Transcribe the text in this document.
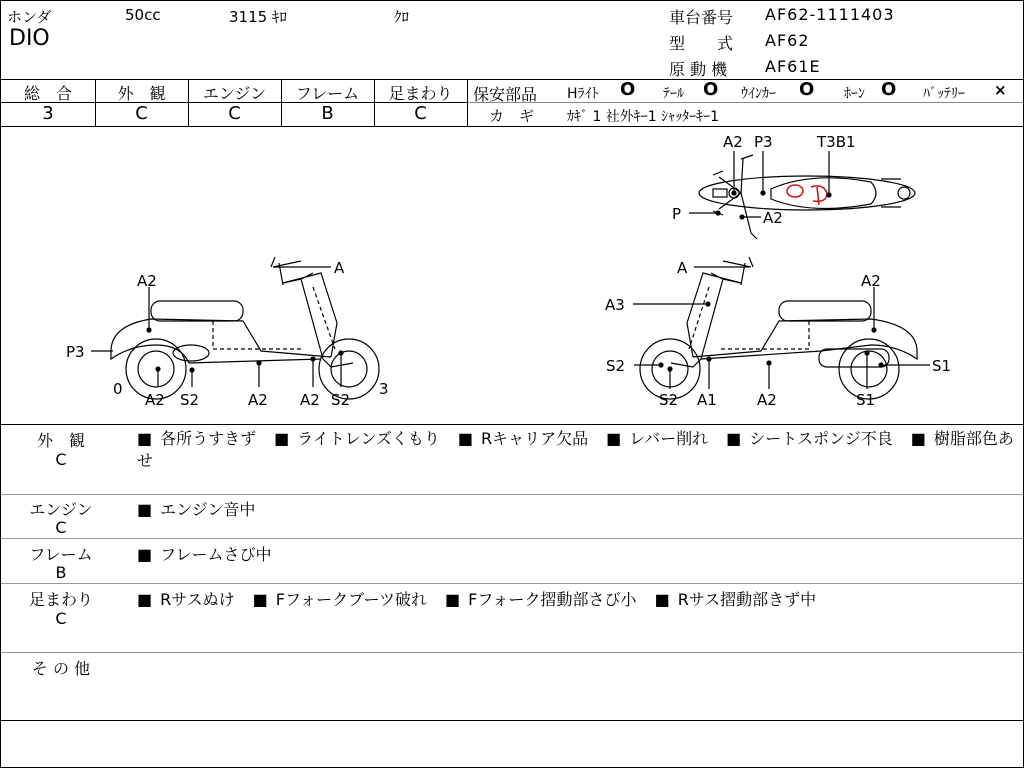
ホンダ	50cc	3115 ｷﾛ	ｸﾛ
DIO
車台番号 AF62-1111403
型　　式 AF62
原 動 機 AF61E
総　合	外　観	エンジン	フレーム	足まわり
3	C	C	B	C
保安部品 Hﾗｲﾄ O ﾃｰﾙ O ｳｲﾝｶｰ O ﾎｰﾝ O ﾊﾞｯﾃﾘｰ ×
カ　ギ ｶｷﾞ 1 社外ｷｰ1 ｼｬｯﾀｰｷｰ1
A2 P3	T3B1
P	A2
A
A2
P3
0
A2 S2	A2 A2 S2
3
A
A2
A3
S2	S1
S2 A1	A2	S1
外　観
C
■ 各所うすきず	■ ライトレンズくもり	■ Rキャリア欠品	■ レバー削れ	■ シートスポンジ不良	■ 樹脂部色あせ
エンジン
C
■ エンジン音中
フレーム
B
■ フレームさび中
足まわり
C
■ Rサスぬけ	■ Fフォークブーツ破れ	■ Fフォーク摺動部さび小	■ Rサス摺動部きず中
そ の 他
